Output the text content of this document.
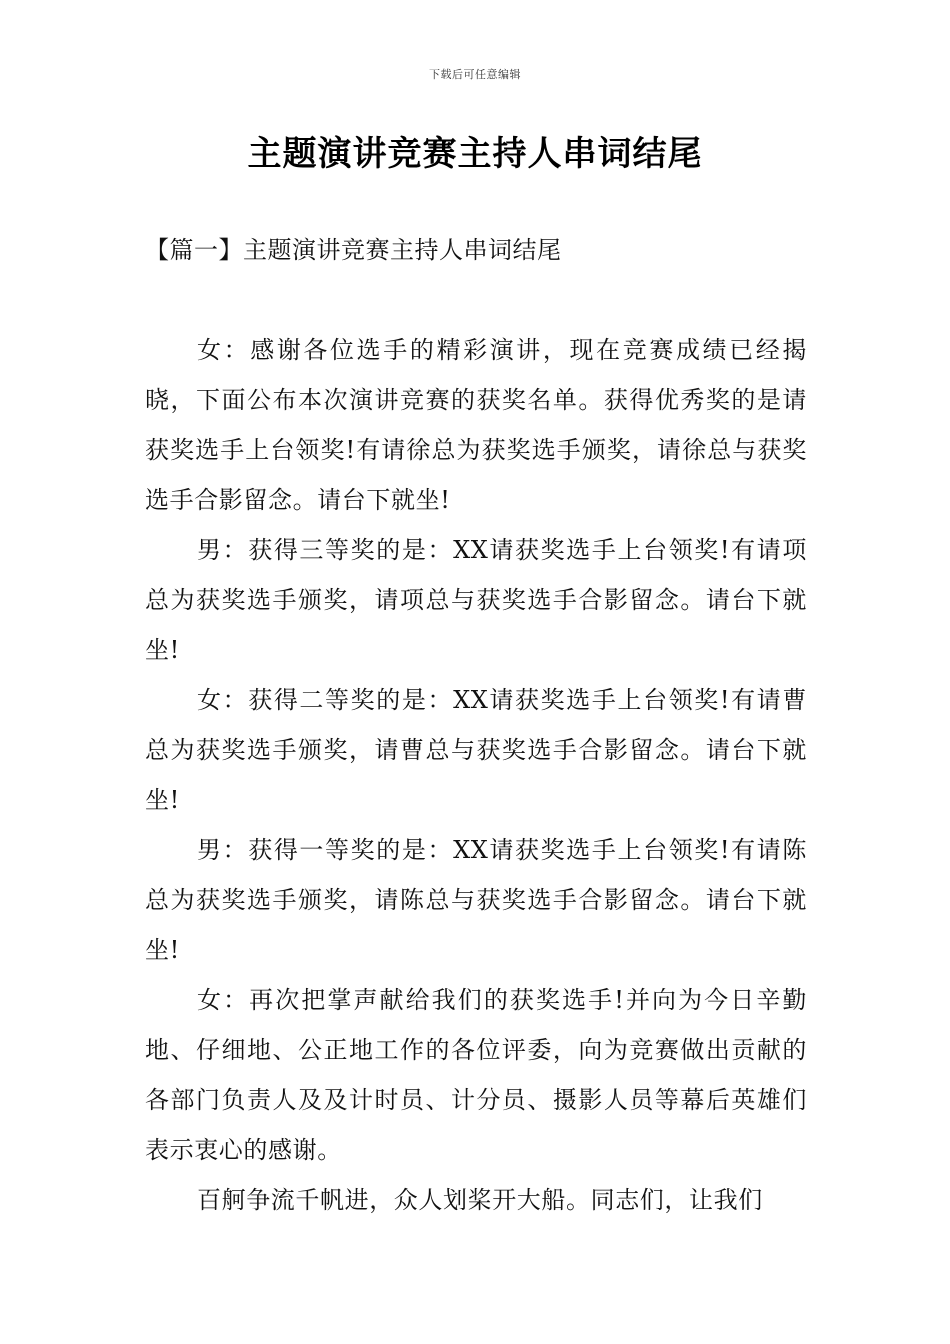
下载后可任意编辑
主题演讲竞赛主持人串词结尾
【篇一】主题演讲竞赛主持人串词结尾

女：感谢各位选手的精彩演讲，现在竞赛成绩已经揭晓，下面公布本次演讲竞赛的获奖名单。获得优秀奖的是请获奖选手上台领奖!有请徐总为获奖选手颁奖，请徐总与获奖选手合影留念。请台下就坐!

男：获得三等奖的是：XX请获奖选手上台领奖!有请项总为获奖选手颁奖，请项总与获奖选手合影留念。请台下就坐!

女：获得二等奖的是：XX请获奖选手上台领奖!有请曹总为获奖选手颁奖，请曹总与获奖选手合影留念。请台下就坐!

男：获得一等奖的是：XX请获奖选手上台领奖!有请陈总为获奖选手颁奖，请陈总与获奖选手合影留念。请台下就坐!

女：再次把掌声献给我们的获奖选手!并向为今日辛勤地、仔细地、公正地工作的各位评委，向为竞赛做出贡献的各部门负责人及及计时员、计分员、摄影人员等幕后英雄们表示衷心的感谢。

百舸争流千帆进，众人划桨开大船。同志们，让我们
